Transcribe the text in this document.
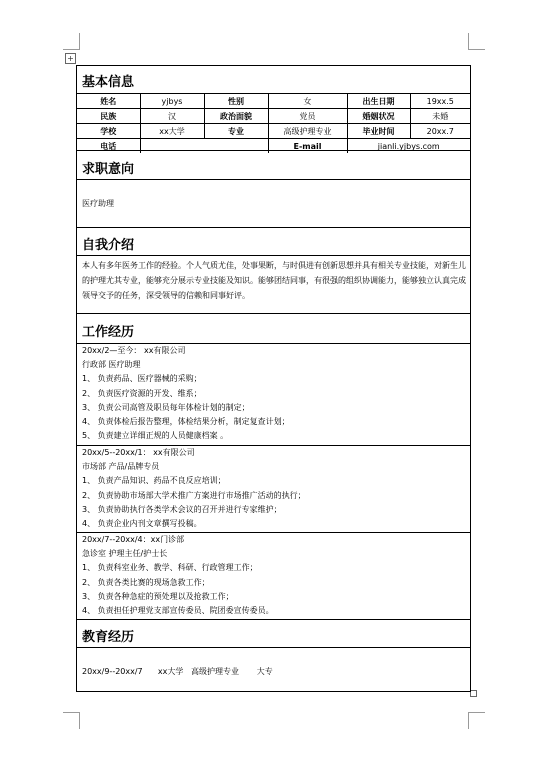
+
基本信息
姓名	yjbys	性别	女	出生日期	19xx.5
民族	汉	政治面貌	党员	婚姻状况	未婚
学校	xx大学	专业	高级护理专业	毕业时间	20xx.7
电话			E-mail	jianli.yjbys.com	
求职意向
医疗助理
自我介绍
本人有多年医务工作的经验。个人气质尤佳，处事果断，与时俱进有创新思想并具有相关专业技能，对新生儿的护理尤其专业，能够充分展示专业技能及知识。能够团结同事，有很强的组织协调能力，能够独立认真完成领导交予的任务，深受领导的信赖和同事好评。
工作经历
20xx/2—至今： xx有限公司
行政部 医疗助理
1、 负责药品、医疗器械的采购；
2、 负责医疗资源的开发、维系；
3、 负责公司高管及职员每年体检计划的制定；
4、 负责体检后报告整理，体检结果分析，制定复查计划；
5、 负责建立详细正规的人员健康档案 。
20xx/5--20xx/1： xx有限公司
市场部 产品/品牌专员
1、 负责产品知识、药品不良反应培训；
2、 负责协助市场部大学术推广方案进行市场推广活动的执行；
3、 负责协助执行各类学术会议的召开并进行专家维护；
4、 负责企业内刊文章撰写投稿。
20xx/7--20xx/4：xx门诊部
急诊室 护理主任/护士长
1、 负责科室业务、教学、科研、行政管理工作；
2、 负责各类比赛的现场急救工作；
3、 负责各种急症的预处理以及抢救工作；
4、 负责担任护理党支部宣传委员、院团委宣传委员。
教育经历
20xx/9--20xx/7      xx大学   高级护理专业       大专
